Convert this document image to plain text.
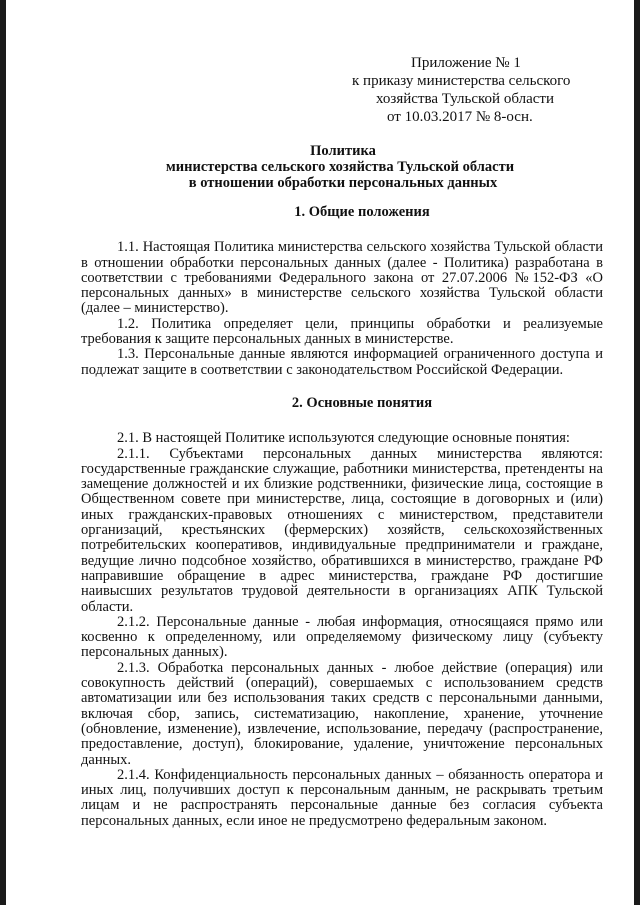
Приложение № 1
к приказу министерства сельского
хозяйства Тульской области
от 10.03.2017 № 8-осн.
Политика
министерства сельского хозяйства Тульской области
в отношении обработки персональных данных
1. Общие положения

1.1. Настоящая Политика министерства сельского хозяйства Тульской области в отношении обработки персональных данных (далее - Политика) разработана в соответствии с требованиями Федерального закона от 27.07.2006 №152-ФЗ «О персональных данных» в министерстве сельского хозяйства Тульской области (далее – министерство).

1.2. Политика определяет цели, принципы обработки и реализуемые требования к защите персональных данных в министерстве.

1.3. Персональные данные являются информацией ограниченного доступа и подлежат защите в соответствии с законодательством Российской Федерации.

2. Основные понятия

2.1. В настоящей Политике используются следующие основные понятия:

2.1.1. Субъектами персональных данных министерства являются: государственные гражданские служащие, работники министерства, претенденты на замещение должностей и их близкие родственники, физические лица, состоящие в Общественном совете при министерстве, лица, состоящие в договорных и (или) иных гражданских-правовых отношениях с министерством, представители организаций, крестьянских (фермерских) хозяйств, сельскохозяйственных потребительских кооперативов, индивидуальные предприниматели и граждане, ведущие лично подсобное хозяйство, обратившихся в министерство, граждане РФ направившие обращение в адрес министерства, граждане РФ достигшие наивысших результатов трудовой деятельности в организациях АПК Тульской области.

2.1.2. Персональные данные - любая информация, относящаяся прямо или косвенно к определенному, или определяемому физическому лицу (субъекту персональных данных).

2.1.3. Обработка персональных данных - любое действие (операция) или совокупность действий (операций), совершаемых с использованием средств автоматизации или без использования таких средств с персональными данными, включая сбор, запись, систематизацию, накопление, хранение, уточнение (обновление, изменение), извлечение, использование, передачу (распространение, предоставление, доступ), блокирование, удаление, уничтожение персональных данных.

2.1.4. Конфиденциальность персональных данных – обязанность оператора и иных лиц, получивших доступ к персональным данным, не раскрывать третьим лицам и не распространять персональные данные без согласия субъекта персональных данных, если иное не предусмотрено федеральным законом.
